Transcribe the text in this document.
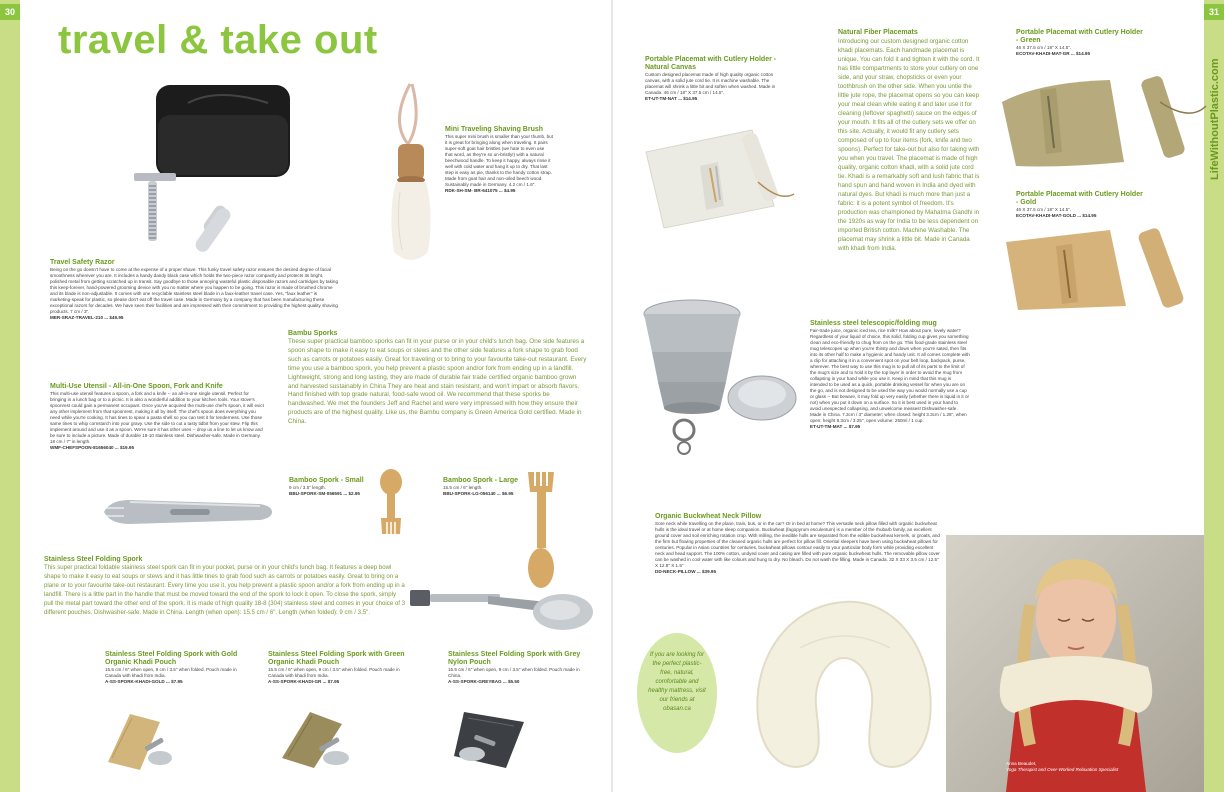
30	31
LifeWithoutPlastic.com
travel & take out
Travel Safety Razor
Being on the go doesn't have to come at the expense of a proper shave. This funky travel safety razor ensures the desired degree of facial smoothness wherever you are. It includes a handy dandy black case which holds the two-piece razor compactly and protects its bright, polished metal from getting scratched up in transit. Say goodbye to those annoying wasteful plastic disposable razors and cartridges by taking this keep-forever, hand-powered grooming device with you no matter where you happen to be going. This razor is made of brushed chrome and its blade is non-adjustable. It comes with one recyclable stainless steel blade in a faux-leather travel case. Yes, "faux leather" is marketing-speak for plastic, so please don't eat off the travel case. Made in Germany by a company that has been manufacturing these exceptional razors for decades. We have seen their facilities and are impressed with their commitment to providing the highest quality shaving products. 7 cm / 3".
MER-SRAZ-TRAVEL-210 ... $49.95
Mini Traveling Shaving Brush
This super mini brush is smaller than your thumb, but it is great for bringing along when traveling. It pairs super-soft goat hair bristles (we hate to even use that word, as they're so un-bristly!) with a natural beechwood handle. To keep it happy, always rinse it well with cold water and hang it up to dry. That last step is easy as pie, thanks to the handy cotton strap. Made from goat hair and non-oiled beech wood. Sustainably made in Germany. 4.2 cm / 1.6".
RDK-SH-SM- BR-641075 ... $4.95
Multi-Use Utensil - All-in-One Spoon, Fork and Knife
This multi-use utensil features a spoon, a fork and a knife -- an all-in-one single utensil. Perfect for bringing in a lunch bag or to a picnic. It is also a wonderful addition to your kitchen tools. Your stove's spoonrest could gain a permanent occupant. Once you've acquired the multi-use chef's spoon, it will evict any other implement from that spoonrest, making it all by itself. The chef's spoon does everything you need while you're cooking. It has tines to spear a pasta shell so you can test it for tenderness. Use those same tines to whip cornstarch into your gravy. Use the side to cut a tasty tidbit from your stew. Flip this implement around and use it as a spoon. We're sure it has other uses -- drop us a line to let us know and be sure to include a picture. Made of durable 18-10 stainless steel. Dishwasher-safe. Made in Germany. 18 cm / 7" in length.
WMF-CHEFSPOON-81656040 ... $19.95
Bambu Sporks
These super practical bamboo sporks can fit in your purse or in your child's lunch bag. One side features a spoon shape to make it easy to eat soups or stews and the other side features a fork shape to grab food such as carrots or potatoes easily. Great for traveling or to bring to your favourite take-out restaurant. Every time you use a bamboo spork, you help prevent a plastic spoon and/or fork from ending up in a landfill. Lightweight, strong and long lasting, they are made of durable fair trade certified organic bamboo grown and harvested sustainably in China They are heat and stain resistant, and won't impart or absorb flavors. Hand finished with top grade natural, food-safe wood oil. We recommend that these sporks be handwashed. We met the founders Jeff and Rachel and were very impressed with how they ensure their products are of the highest quality. Like us, the Bambu company is Green America Gold certified. Made in China.
Bamboo Spork - Small
9 cm / 3.5" length.
BBU-SPORK-SM-056591 ... $2.95
Bamboo Spork - Large
15.5 cm / 6" length.
BBU-SPORK-LG-056140 ... $6.95
Stainless Steel Folding Spork
This super practical foldable stainless steel spork can fit in your pocket, purse or in your child's lunch bag. It features a deep bowl shape to make it easy to eat soups or stews and it has little tines to grab food such as carrots or potatoes easily. Great to bring on a plane or to your favourite take-out restaurant. Every time you use it, you help prevent a plastic spoon and/or a fork from ending up in a landfill. There is a little part in the handle that must be moved toward the end of the spork to lock it open. To close the spork, simply pull the metal part toward the other end of the spork. It is made of high quality 18-8 (304) stainless steel and comes in your choice of 3 different pouches. Dishwasher-safe. Made in China. Length (when open): 15.5 cm / 6". Length (when folded): 9 cm / 3.5".
Stainless Steel Folding Spork with Gold Organic Khadi Pouch
15.5 cm / 6" when open, 9 cm / 3.5" when folded. Pouch made in Canada with khadi from India.
A-SS-SPORK-KHADI-GOLD ... $7.95
Stainless Steel Folding Spork with Green Organic Khadi Pouch
15.5 cm / 6" when open, 9 cm / 3.5" when folded. Pouch made in Canada with khadi from India.
A-SS-SPORK-KHADI-GR ... $7.95
Stainless Steel Folding Spork with Grey Nylon Pouch
15.5 cm / 6" when open, 9 cm / 3.5" when folded. Pouch made in China.
A-SS-SPORK-GREYBAG ... $5.50
Portable Placemat with Cutlery Holder - Natural Canvas
Custom designed placemat made of high quality organic cotton canvas, with a solid jute cord tie. It is machine washable. The placemat will shrink a little bit and soften when washed. Made in Canada. 46 cm / 18" X 37.5 cm / 14.5".
ET-UT-TM-NAT ... $14.95
Natural Fiber Placemats
Introducing our custom designed organic cotton khadi placemats. Each handmade placemat is unique. You can fold it and tighten it with the cord. It has little compartments to store your cutlery on one side, and your straw, chopsticks or even your toothbrush on the other side. When you untie the little jute rope, the placemat opens so you can keep your meal clean while eating it and later use it for cleaning (leftover spaghetti) sauce on the edges of your mouth. It fits all of the cutlery sets we offer on this site. Actually, it would fit any cutlery sets composed of up to four items (fork, knife and two spoons). Perfect for take-out but also for taking with you when you travel. The placemat is made of high quality, organic cotton khadi, with a solid jute cord tie. Khadi is a remarkably soft and lush fabric that is hand spun and hand woven in India and dyed with natural dyes. But khadi is much more than just a fabric: it is a potent symbol of freedom. It's production was championed by Mahatma Gandhi in the 1920s as way for India to be less dependent on imported British cotton. Machine Washable. The placemat may shrink a little bit. Made in Canada with khadi from India.
Portable Placemat with Cutlery Holder - Green
46 X 37.5 cm / 18" X 14.5".
ECOTAV-KHADI-MAT-GR ... $14.95
Portable Placemat with Cutlery Holder - Gold
46 X 37.5 cm / 18" X 14.5".
ECOTAV-KHADI-MAT-GOLD ... $14.95
Stainless steel telescopic/folding mug
Fair-trade juice, organic iced tea, rice milk? How about pure, lovely water? Regardless of your liquid of choice, this solid, folding cup gives you something clean and eco-friendly to chug from on the go. This food-grade stainless steel mug telescopes up when you're thirsty and down when you're sated, then fits into its other half to make a hygienic and handy unit. It all comes complete with a clip for attaching it in a convenient spot on your belt loop, backpack, purse, wherever. The best way to use this mug is to pull all of its parts to the limit of the mug's size and to hold it by the top layer in order to avoid the mug from collapsing in your hand while you use it. Keep in mind that this mug is intended to be used as a quick, portable drinking vessel for when you are on the go, and is not designed to be used the way you would normally use a cup or glass -- But beware, it may fold up very easily (whether there is liquid in it or not) when you put it down on a surface. So it is best used in your hand to avoid unexpected collapsing, and unwelcome messes! Dishwasher-safe. Made in China. 7.3cm / 3" diameter; when closed: height 3.3cm / 1.25", when open: height 8.3cm / 3.25", open volume: 250ml / 1 cup.
ET-UT-TM-MAT ... $7.95
Organic Buckwheat Neck Pillow
Sore neck while travelling on the plane, train, bus, or in the car? Or in bed at home? This versatile neck pillow filled with organic buckwheat hulls is the ideal travel or at home sleep companion. Buckwheat (fagopyrum esculentum) is a member of the rhubarb family, an excellent ground cover and soil enriching rotation crop. With milling, the inedible hulls are separated from the edible buckwheat kernels, or groats, and the firm but flowing properties of the cleaned organic hulls are perfect for pillow fill. Oriental sleepers have been using buckwheat pillows for centuries. Popular in Asian countries for centuries, buckwheat pillows contour easily to your particular body form while providing excellent neck and head support. The 100% cotton, undyed cover and casing are filled with pure organic buckwheat hulls. The removable pillow cover can be washed in cool water with like colours and hung to dry. No bleach. Do not wash the filling. Made in Canada. 32 X 33 X 3.5 cm / 12.5" X 12.8" X 1.5"
DD-NECK-PILLOW ... $39.95
If you are looking for the perfect plastic-free, natural, comfortable and healthy mattress, visit our friends at obasan.ca
Anna Beaudet,
Yoga Therapist and Over-Worked Relaxation Specialist
